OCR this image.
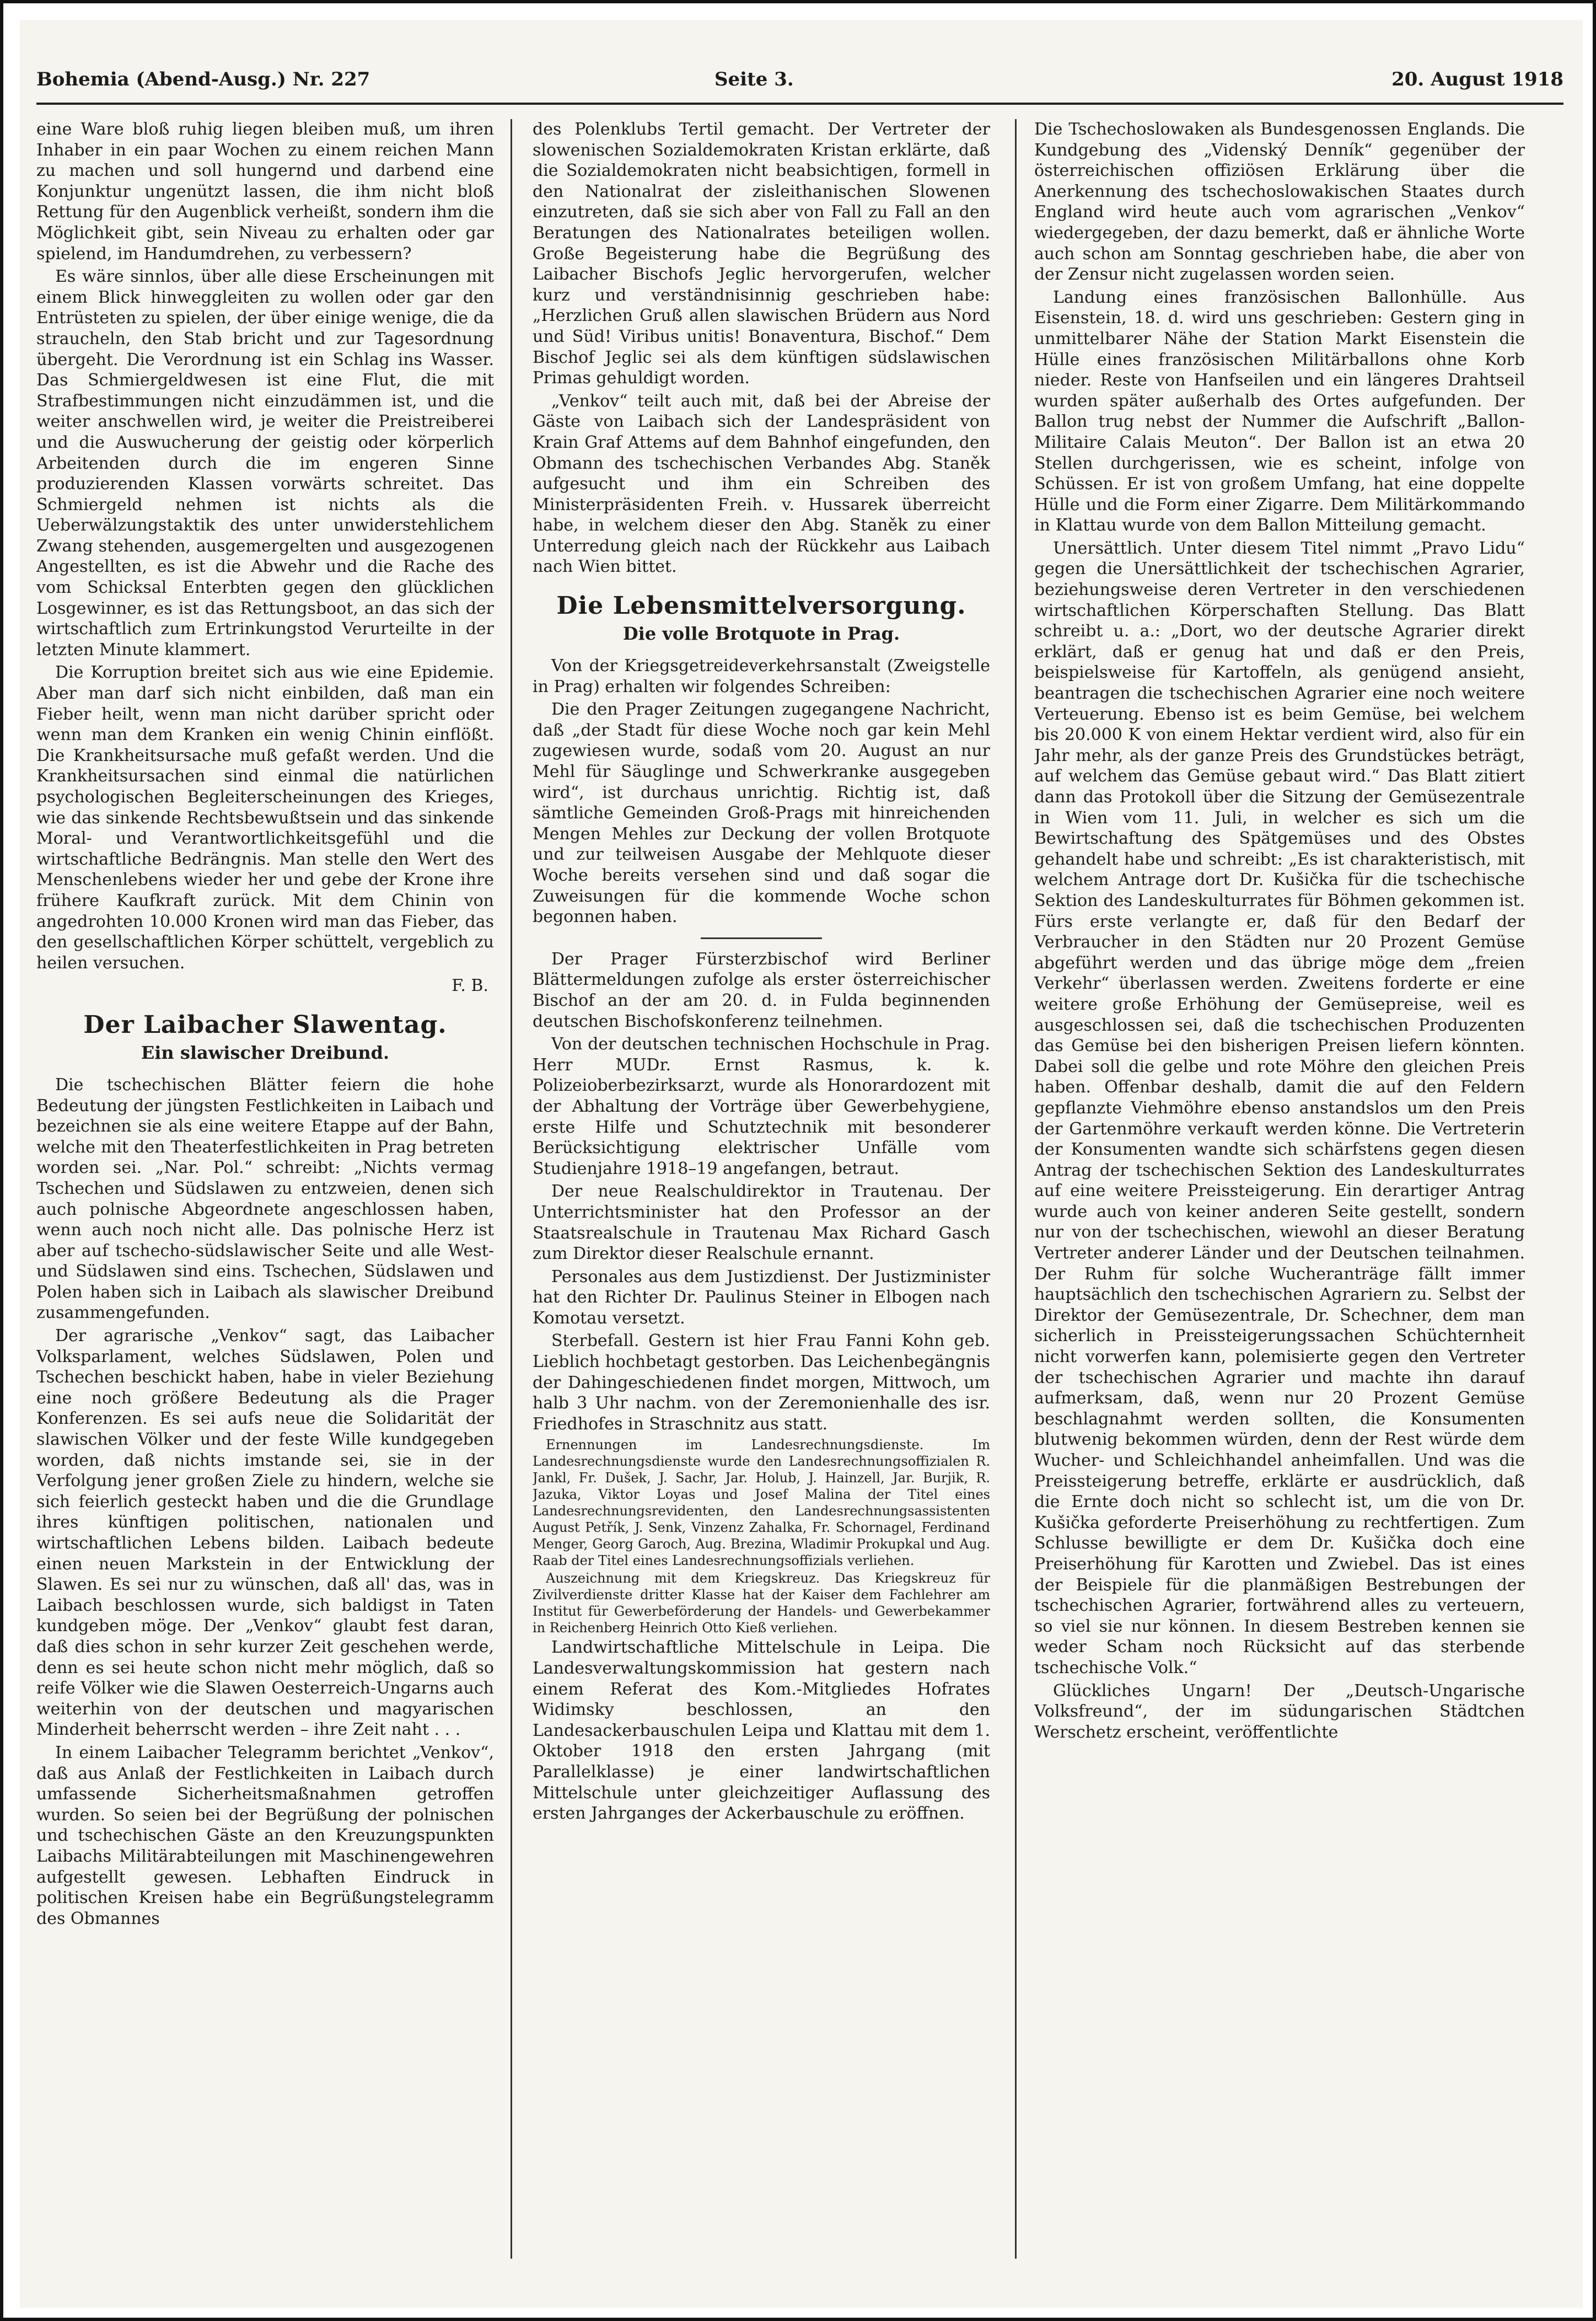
Bohemia (Abend-Ausg.) Nr. 227	Seite 3.	20. August 1918

eine Ware bloß ruhig liegen bleiben muß, um ihren Inhaber in ein paar Wochen zu einem reichen Mann zu machen und soll hungernd und darbend eine Konjunktur ungenützt lassen, die ihm nicht bloß Rettung für den Augenblick verheißt, sondern ihm die Möglichkeit gibt, sein Niveau zu erhalten oder gar spielend, im Handumdrehen, zu verbessern?

Es wäre sinnlos, über alle diese Erscheinungen mit einem Blick hinweggleiten zu wollen oder gar den Entrüsteten zu spielen, der über einige wenige, die da straucheln, den Stab bricht und zur Tagesordnung übergeht. Die Verordnung ist ein Schlag ins Wasser. Das Schmiergeldwesen ist eine Flut, die mit Strafbestimmungen nicht einzudämmen ist, und die weiter anschwellen wird, je weiter die Preistreiberei und die Auswucherung der geistig oder körperlich Arbeitenden durch die im engeren Sinne produzierenden Klassen vorwärts schreitet. Das Schmiergeld nehmen ist nichts als die Ueberwälzungstaktik des unter unwiderstehlichem Zwang stehenden, ausgemergelten und ausgezogenen Angestellten, es ist die Abwehr und die Rache des vom Schicksal Enterbten gegen den glücklichen Losgewinner, es ist das Rettungsboot, an das sich der wirtschaftlich zum Ertrinkungstod Verurteilte in der letzten Minute klammert.

Die Korruption breitet sich aus wie eine Epidemie. Aber man darf sich nicht einbilden, daß man ein Fieber heilt, wenn man nicht darüber spricht oder wenn man dem Kranken ein wenig Chinin einflößt. Die Krankheitsursache muß gefaßt werden. Und die Krankheitsursachen sind einmal die natürlichen psychologischen Begleiterscheinungen des Krieges, wie das sinkende Rechtsbewußtsein und das sinkende Moral- und Verantwortlichkeitsgefühl und die wirtschaftliche Bedrängnis. Man stelle den Wert des Menschenlebens wieder her und gebe der Krone ihre frühere Kaufkraft zurück. Mit dem Chinin von angedrohten 10.000 Kronen wird man das Fieber, das den gesellschaftlichen Körper schüttelt, vergeblich zu heilen versuchen.

F. B.
Der Laibacher Slawentag.
Ein slawischer Dreibund.

Die tschechischen Blätter feiern die hohe Bedeutung der jüngsten Festlichkeiten in Laibach und bezeichnen sie als eine weitere Etappe auf der Bahn, welche mit den Theaterfestlichkeiten in Prag betreten worden sei. „Nar. Pol.“ schreibt: „Nichts vermag Tschechen und Südslawen zu entzweien, denen sich auch polnische Abgeordnete angeschlossen haben, wenn auch noch nicht alle. Das polnische Herz ist aber auf tschecho-südslawischer Seite und alle West- und Südslawen sind eins. Tschechen, Südslawen und Polen haben sich in Laibach als slawischer Dreibund zusammengefunden.

Der agrarische „Venkov“ sagt, das Laibacher Volksparlament, welches Südslawen, Polen und Tschechen beschickt haben, habe in vieler Beziehung eine noch größere Bedeutung als die Prager Konferenzen. Es sei aufs neue die Solidarität der slawischen Völker und der feste Wille kundgegeben worden, daß nichts imstande sei, sie in der Verfolgung jener großen Ziele zu hindern, welche sie sich feierlich gesteckt haben und die die Grundlage ihres künftigen politischen, nationalen und wirtschaftlichen Lebens bilden. Laibach bedeute einen neuen Markstein in der Entwicklung der Slawen. Es sei nur zu wünschen, daß all' das, was in Laibach beschlossen wurde, sich baldigst in Taten kundgeben möge. Der „Venkov“ glaubt fest daran, daß dies schon in sehr kurzer Zeit geschehen werde, denn es sei heute schon nicht mehr möglich, daß so reife Völker wie die Slawen Oesterreich-Ungarns auch weiterhin von der deutschen und magyarischen Minderheit beherrscht werden – ihre Zeit naht . . .

In einem Laibacher Telegramm berichtet „Venkov“, daß aus Anlaß der Festlichkeiten in Laibach durch umfassende Sicherheitsmaßnahmen getroffen wurden. So seien bei der Begrüßung der polnischen und tschechischen Gäste an den Kreuzungspunkten Laibachs Militärabteilungen mit Maschinengewehren aufgestellt gewesen. Lebhaften Eindruck in politischen Kreisen habe ein Begrüßungstelegramm des Obmannes

des Polenklubs Tertil gemacht. Der Vertreter der slowenischen Sozialdemokraten Kristan erklärte, daß die Sozialdemokraten nicht beabsichtigen, formell in den Nationalrat der zisleithanischen Slowenen einzutreten, daß sie sich aber von Fall zu Fall an den Beratungen des Nationalrates beteiligen wollen. Große Begeisterung habe die Begrüßung des Laibacher Bischofs Jeglic hervorgerufen, welcher kurz und verständnisinnig geschrieben habe: „Herzlichen Gruß allen slawischen Brüdern aus Nord und Süd! Viribus unitis! Bonaventura, Bischof.“ Dem Bischof Jeglic sei als dem künftigen südslawischen Primas gehuldigt worden.

„Venkov“ teilt auch mit, daß bei der Abreise der Gäste von Laibach sich der Landespräsident von Krain Graf Attems auf dem Bahnhof eingefunden, den Obmann des tschechischen Verbandes Abg. Staněk aufgesucht und ihm ein Schreiben des Ministerpräsidenten Freih. v. Hussarek überreicht habe, in welchem dieser den Abg. Staněk zu einer Unterredung gleich nach der Rückkehr aus Laibach nach Wien bittet.

Die Lebensmittelversorgung.
Die volle Brotquote in Prag.

Von der Kriegsgetreideverkehrsanstalt (Zweigstelle in Prag) erhalten wir folgendes Schreiben:

Die den Prager Zeitungen zugegangene Nachricht, daß „der Stadt für diese Woche noch gar kein Mehl zugewiesen wurde, sodaß vom 20. August an nur Mehl für Säuglinge und Schwerkranke ausgegeben wird“, ist durchaus unrichtig. Richtig ist, daß sämtliche Gemeinden Groß-Prags mit hinreichenden Mengen Mehles zur Deckung der vollen Brotquote und zur teilweisen Ausgabe der Mehlquote dieser Woche bereits versehen sind und daß sogar die Zuweisungen für die kommende Woche schon begonnen haben.

Der Prager Fürsterzbischof wird Berliner Blättermeldungen zufolge als erster österreichischer Bischof an der am 20. d. in Fulda beginnenden deutschen Bischofskonferenz teilnehmen.

Von der deutschen technischen Hochschule in Prag. Herr MUDr. Ernst Rasmus, k. k. Polizeioberbezirksarzt, wurde als Honorardozent mit der Abhaltung der Vorträge über Gewerbehygiene, erste Hilfe und Schutztechnik mit besonderer Berücksichtigung elektrischer Unfälle vom Studienjahre 1918–19 angefangen, betraut.

Der neue Realschuldirektor in Trautenau. Der Unterrichtsminister hat den Professor an der Staatsrealschule in Trautenau Max Richard Gasch zum Direktor dieser Realschule ernannt.

Personales aus dem Justizdienst. Der Justizminister hat den Richter Dr. Paulinus Steiner in Elbogen nach Komotau versetzt.

Sterbefall. Gestern ist hier Frau Fanni Kohn geb. Lieblich hochbetagt gestorben. Das Leichenbegängnis der Dahingeschiedenen findet morgen, Mittwoch, um halb 3 Uhr nachm. von der Zeremonienhalle des isr. Friedhofes in Straschnitz aus statt.

Ernennungen im Landesrechnungsdienste. Im Landesrechnungsdienste wurde den Landesrechnungsoffizialen R. Jankl, Fr. Dušek, J. Sachr, Jar. Holub, J. Hainzell, Jar. Burjik, R. Jazuka, Viktor Loyas und Josef Malina der Titel eines Landesrechnungsrevidenten, den Landesrechnungsassistenten August Petřík, J. Senk, Vinzenz Zahalka, Fr. Schornagel, Ferdinand Menger, Georg Garoch, Aug. Brezina, Wladimir Prokupkal und Aug. Raab der Titel eines Landesrechnungsoffizials verliehen.

Auszeichnung mit dem Kriegskreuz. Das Kriegskreuz für Zivilverdienste dritter Klasse hat der Kaiser dem Fachlehrer am Institut für Gewerbeförderung der Handels- und Gewerbekammer in Reichenberg Heinrich Otto Kieß verliehen.

Landwirtschaftliche Mittelschule in Leipa. Die Landesverwaltungskommission hat gestern nach einem Referat des Kom.-Mitgliedes Hofrates Widimsky beschlossen, an den Landesackerbauschulen Leipa und Klattau mit dem 1. Oktober 1918 den ersten Jahrgang (mit Parallelklasse) je einer landwirtschaftlichen Mittelschule unter gleichzeitiger Auflassung des ersten Jahrganges der Ackerbauschule zu eröffnen.

Die Tschechoslowaken als Bundesgenossen Englands. Die Kundgebung des „Videnský Denník“ gegenüber der österreichischen offiziösen Erklärung über die Anerkennung des tschechoslowakischen Staates durch England wird heute auch vom agrarischen „Venkov“ wiedergegeben, der dazu bemerkt, daß er ähnliche Worte auch schon am Sonntag geschrieben habe, die aber von der Zensur nicht zugelassen worden seien.

Landung eines französischen Ballonhülle. Aus Eisenstein, 18. d. wird uns geschrieben: Gestern ging in unmittelbarer Nähe der Station Markt Eisenstein die Hülle eines französischen Militärballons ohne Korb nieder. Reste von Hanfseilen und ein längeres Drahtseil wurden später außerhalb des Ortes aufgefunden. Der Ballon trug nebst der Nummer die Aufschrift „Ballon-Militaire Calais Meuton“. Der Ballon ist an etwa 20 Stellen durchgerissen, wie es scheint, infolge von Schüssen. Er ist von großem Umfang, hat eine doppelte Hülle und die Form einer Zigarre. Dem Militärkommando in Klattau wurde von dem Ballon Mitteilung gemacht.

Unersättlich. Unter diesem Titel nimmt „Pravo Lidu“ gegen die Unersättlichkeit der tschechischen Agrarier, beziehungsweise deren Vertreter in den verschiedenen wirtschaftlichen Körperschaften Stellung. Das Blatt schreibt u. a.: „Dort, wo der deutsche Agrarier direkt erklärt, daß er genug hat und daß er den Preis, beispielsweise für Kartoffeln, als genügend ansieht, beantragen die tschechischen Agrarier eine noch weitere Verteuerung. Ebenso ist es beim Gemüse, bei welchem bis 20.000 K von einem Hektar verdient wird, also für ein Jahr mehr, als der ganze Preis des Grundstückes beträgt, auf welchem das Gemüse gebaut wird.“ Das Blatt zitiert dann das Protokoll über die Sitzung der Gemüsezentrale in Wien vom 11. Juli, in welcher es sich um die Bewirtschaftung des Spätgemüses und des Obstes gehandelt habe und schreibt: „Es ist charakteristisch, mit welchem Antrage dort Dr. Kušička für die tschechische Sektion des Landeskulturrates für Böhmen gekommen ist. Fürs erste verlangte er, daß für den Bedarf der Verbraucher in den Städten nur 20 Prozent Gemüse abgeführt werden und das übrige möge dem „freien Verkehr“ überlassen werden. Zweitens forderte er eine weitere große Erhöhung der Gemüsepreise, weil es ausgeschlossen sei, daß die tschechischen Produzenten das Gemüse bei den bisherigen Preisen liefern könnten. Dabei soll die gelbe und rote Möhre den gleichen Preis haben. Offenbar deshalb, damit die auf den Feldern gepflanzte Viehmöhre ebenso anstandslos um den Preis der Gartenmöhre verkauft werden könne. Die Vertreterin der Konsumenten wandte sich schärfstens gegen diesen Antrag der tschechischen Sektion des Landeskulturrates auf eine weitere Preissteigerung. Ein derartiger Antrag wurde auch von keiner anderen Seite gestellt, sondern nur von der tschechischen, wiewohl an dieser Beratung Vertreter anderer Länder und der Deutschen teilnahmen. Der Ruhm für solche Wucheranträge fällt immer hauptsächlich den tschechischen Agrariern zu. Selbst der Direktor der Gemüsezentrale, Dr. Schechner, dem man sicherlich in Preissteigerungssachen Schüchternheit nicht vorwerfen kann, polemisierte gegen den Vertreter der tschechischen Agrarier und machte ihn darauf aufmerksam, daß, wenn nur 20 Prozent Gemüse beschlagnahmt werden sollten, die Konsumenten blutwenig bekommen würden, denn der Rest würde dem Wucher- und Schleichhandel anheimfallen. Und was die Preissteigerung betreffe, erklärte er ausdrücklich, daß die Ernte doch nicht so schlecht ist, um die von Dr. Kušička geforderte Preiserhöhung zu rechtfertigen. Zum Schlusse bewilligte er dem Dr. Kušička doch eine Preiserhöhung für Karotten und Zwiebel. Das ist eines der Beispiele für die planmäßigen Bestrebungen der tschechischen Agrarier, fortwährend alles zu verteuern, so viel sie nur können. In diesem Bestreben kennen sie weder Scham noch Rücksicht auf das sterbende tschechische Volk.“

Glückliches Ungarn! Der „Deutsch-Ungarische Volksfreund“, der im südungarischen Städtchen Werschetz erscheint, veröffentlichte
